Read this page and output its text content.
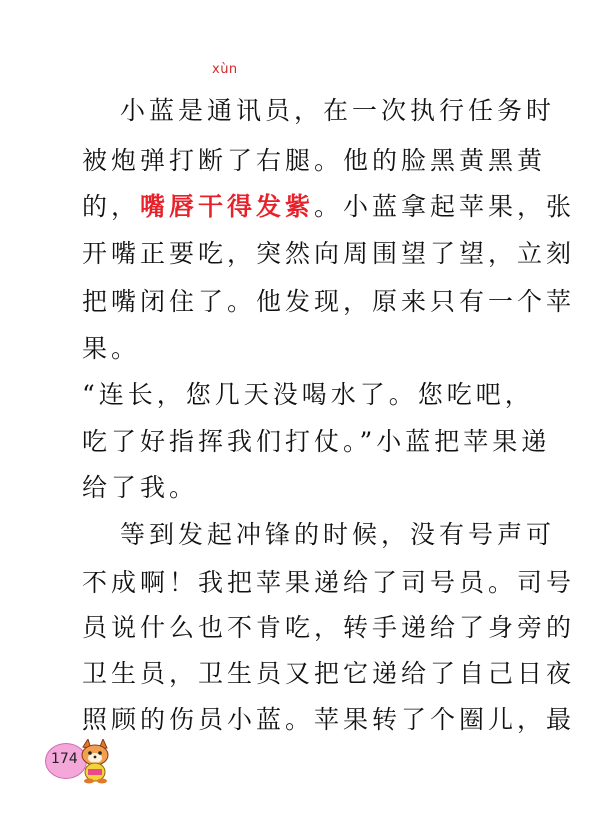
xùn
小蓝是通讯员，在一次执行任务时
被炮弹打断了右腿。他的脸黑黄黑黄
的，嘴唇干得发紫。小蓝拿起苹果，张
开嘴正要吃，突然向周围望了望，立刻
把嘴闭住了。他发现，原来只有一个苹
果。
“连长，您几天没喝水了。您吃吧，
吃了好指挥我们打仗。”小蓝把苹果递
给了我。
等到发起冲锋的时候，没有号声可
不成啊！我把苹果递给了司号员。司号
员说什么也不肯吃，转手递给了身旁的
卫生员，卫生员又把它递给了自己日夜
照顾的伤员小蓝。苹果转了个圈儿，最
174
